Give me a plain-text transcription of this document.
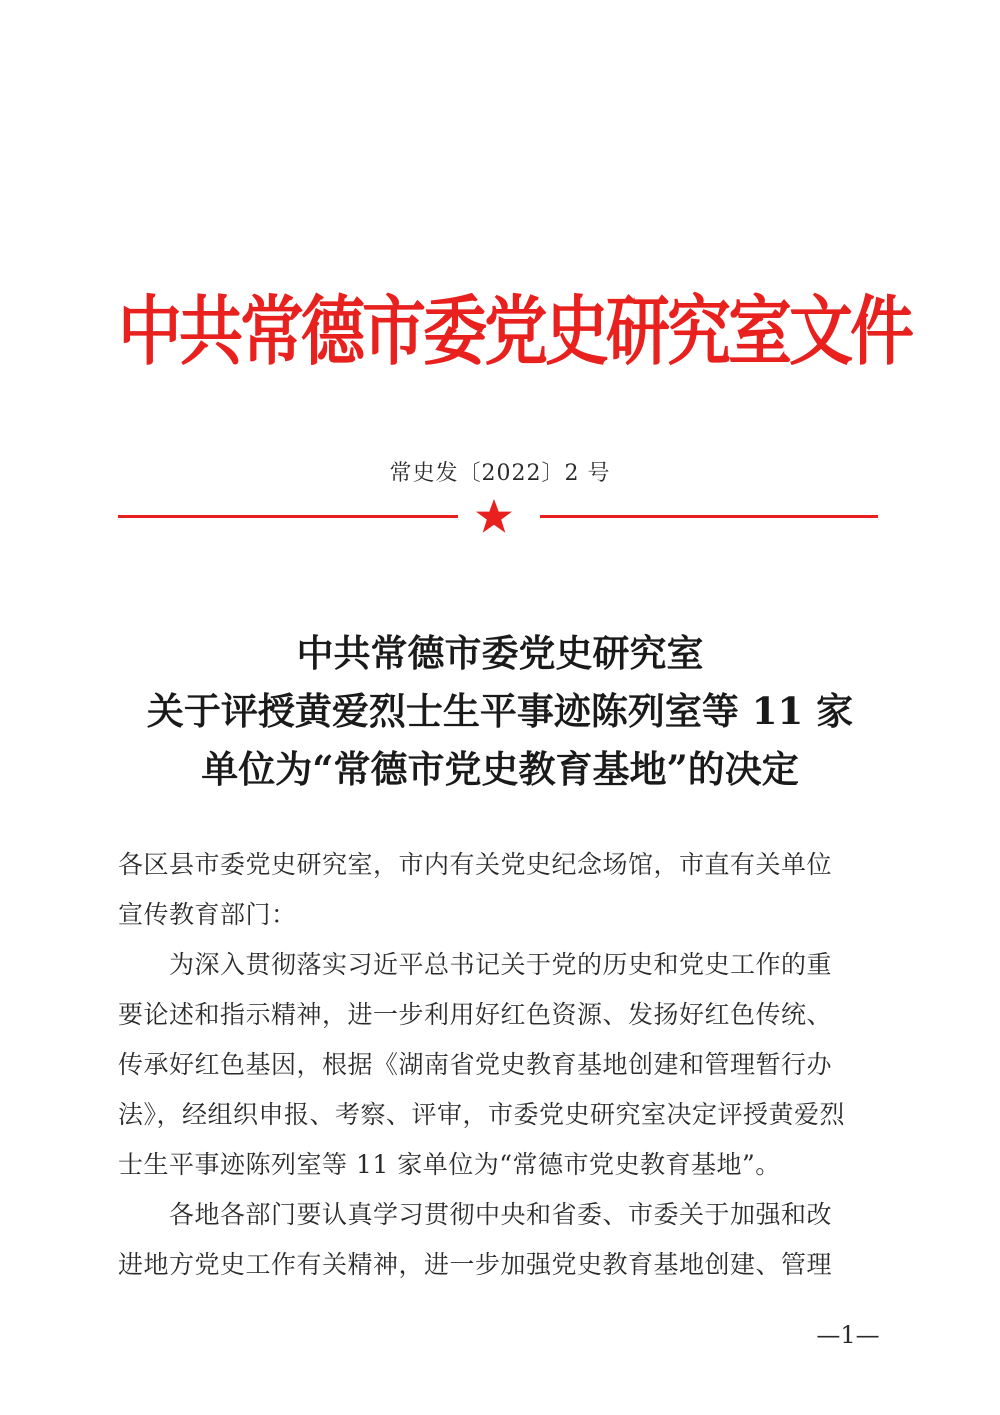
中共常德市委党史研究室文件
常史发〔2022〕2 号
中共常德市委党史研究室
关于评授黄爱烈士生平事迹陈列室等 11 家
单位为“常德市党史教育基地”的决定
各区县市委党史研究室，市内有关党史纪念场馆，市直有关单位
宣传教育部门：
　　为深入贯彻落实习近平总书记关于党的历史和党史工作的重
要论述和指示精神，进一步利用好红色资源、发扬好红色传统、
传承好红色基因，根据《湖南省党史教育基地创建和管理暂行办
法》，经组织申报、考察、评审，市委党史研究室决定评授黄爱烈
士生平事迹陈列室等 11 家单位为“常德市党史教育基地”。
　　各地各部门要认真学习贯彻中央和省委、市委关于加强和改
进地方党史工作有关精神，进一步加强党史教育基地创建、管理
—1—
